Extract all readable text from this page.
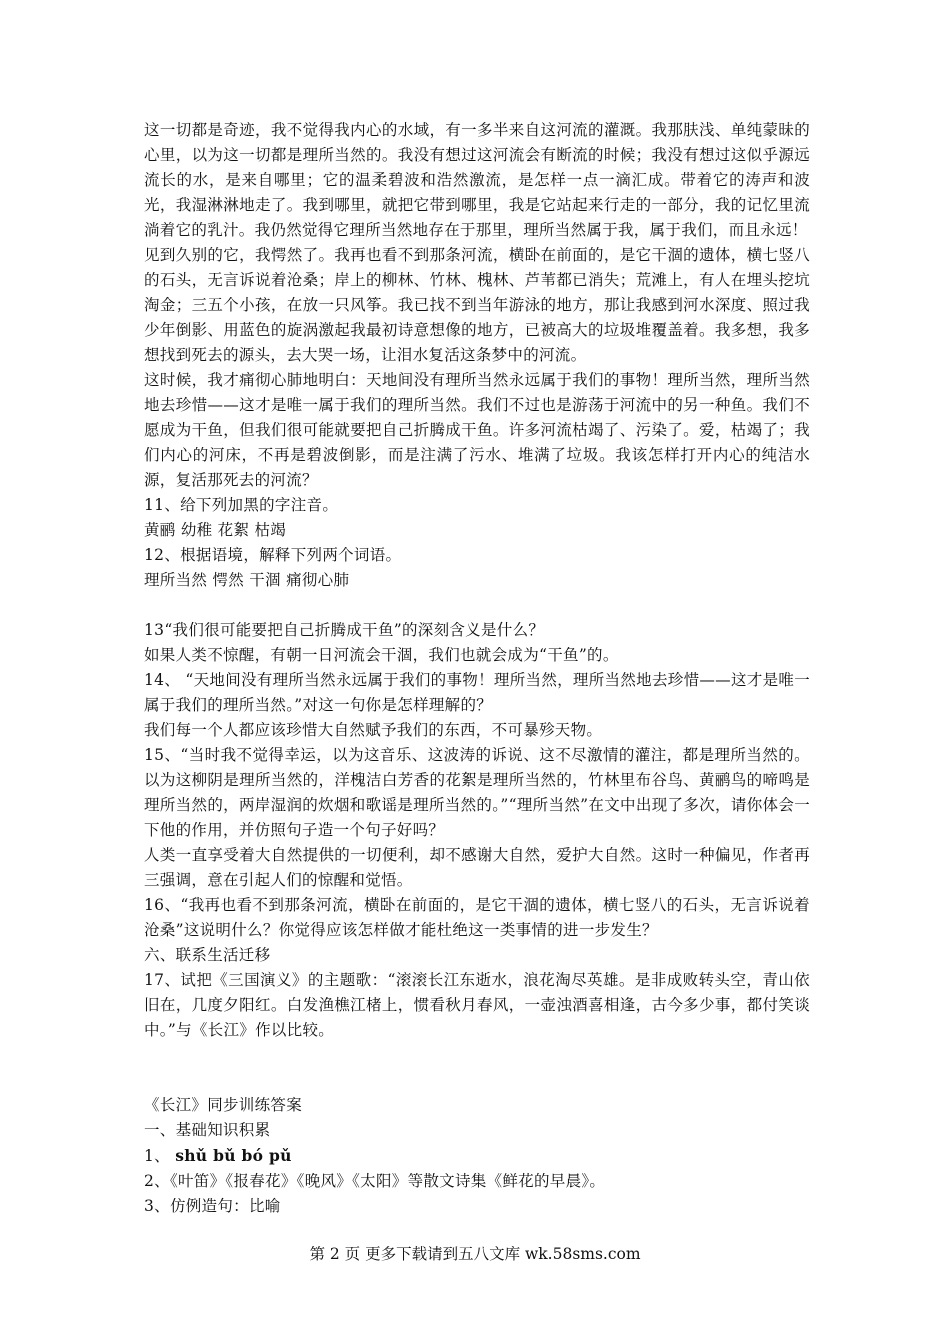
这一切都是奇迹，我不觉得我内心的水域，有一多半来自这河流的灌溉。我那肤浅、单纯蒙昧的心里，以为这一切都是理所当然的。我没有想过这河流会有断流的时候；我没有想过这似乎源远流长的水，是来自哪里；它的温柔碧波和浩然激流，是怎样一点一滴汇成。带着它的涛声和波光，我湿淋淋地走了。我到哪里，就把它带到哪里，我是它站起来行走的一部分，我的记忆里流淌着它的乳汁。我仍然觉得它理所当然地存在于那里，理所当然属于我，属于我们，而且永远！

见到久别的它，我愕然了。我再也看不到那条河流，横卧在前面的，是它干涸的遗体，横七竖八的石头，无言诉说着沧桑；岸上的柳林、竹林、槐林、芦苇都已消失；荒滩上，有人在埋头挖坑淘金；三五个小孩，在放一只风筝。我已找不到当年游泳的地方，那让我感到河水深度、照过我少年倒影、用蓝色的旋涡激起我最初诗意想像的地方，已被高大的垃圾堆覆盖着。我多想，我多想找到死去的源头，去大哭一场，让泪水复活这条梦中的河流。

这时候，我才痛彻心肺地明白：天地间没有理所当然永远属于我们的事物！理所当然，理所当然地去珍惜——这才是唯一属于我们的理所当然。我们不过也是游荡于河流中的另一种鱼。我们不愿成为干鱼，但我们很可能就要把自己折腾成干鱼。许多河流枯竭了、污染了。爱，枯竭了；我们内心的河床，不再是碧波倒影，而是注满了污水、堆满了垃圾。我该怎样打开内心的纯洁水源，复活那死去的河流？

11、给下列加黑的字注音。

黄鹂 幼稚 花絮 枯竭

12、根据语境，解释下列两个词语。

理所当然 愕然 干涸 痛彻心肺

13“我们很可能要把自己折腾成干鱼”的深刻含义是什么？

如果人类不惊醒，有朝一日河流会干涸，我们也就会成为“干鱼”的。

14、 “天地间没有理所当然永远属于我们的事物！理所当然，理所当然地去珍惜——这才是唯一属于我们的理所当然。”对这一句你是怎样理解的？

我们每一个人都应该珍惜大自然赋予我们的东西，不可暴殄天物。

15、“当时我不觉得幸运，以为这音乐、这波涛的诉说、这不尽激情的灌注，都是理所当然的。以为这柳阴是理所当然的，洋槐洁白芳香的花絮是理所当然的，竹林里布谷鸟、黄鹂鸟的啼鸣是理所当然的，两岸湿润的炊烟和歌谣是理所当然的。”“理所当然”在文中出现了多次，请你体会一下他的作用，并仿照句子造一个句子好吗？

人类一直享受着大自然提供的一切便利，却不感谢大自然，爱护大自然。这时一种偏见，作者再三强调，意在引起人们的惊醒和觉悟。

16、“我再也看不到那条河流，横卧在前面的，是它干涸的遗体，横七竖八的石头，无言诉说着沧桑”这说明什么？你觉得应该怎样做才能杜绝这一类事情的进一步发生？

六、联系生活迁移

17、试把《三国演义》的主题歌：“滚滚长江东逝水，浪花淘尽英雄。是非成败转头空，青山依旧在，几度夕阳红。白发渔樵江楮上，惯看秋月春风，一壶浊酒喜相逢，古今多少事，都付笑谈中。”与《长江》作以比较。

《长江》同步训练答案

一、基础知识积累

1、 shǔ bǔ bó pǔ

2、《叶笛》《报春花》《晚风》《太阳》等散文诗集《鲜花的早晨》。

3、仿例造句：比喻

第 2 页 更多下载请到五八文库 wk.58sms.com
